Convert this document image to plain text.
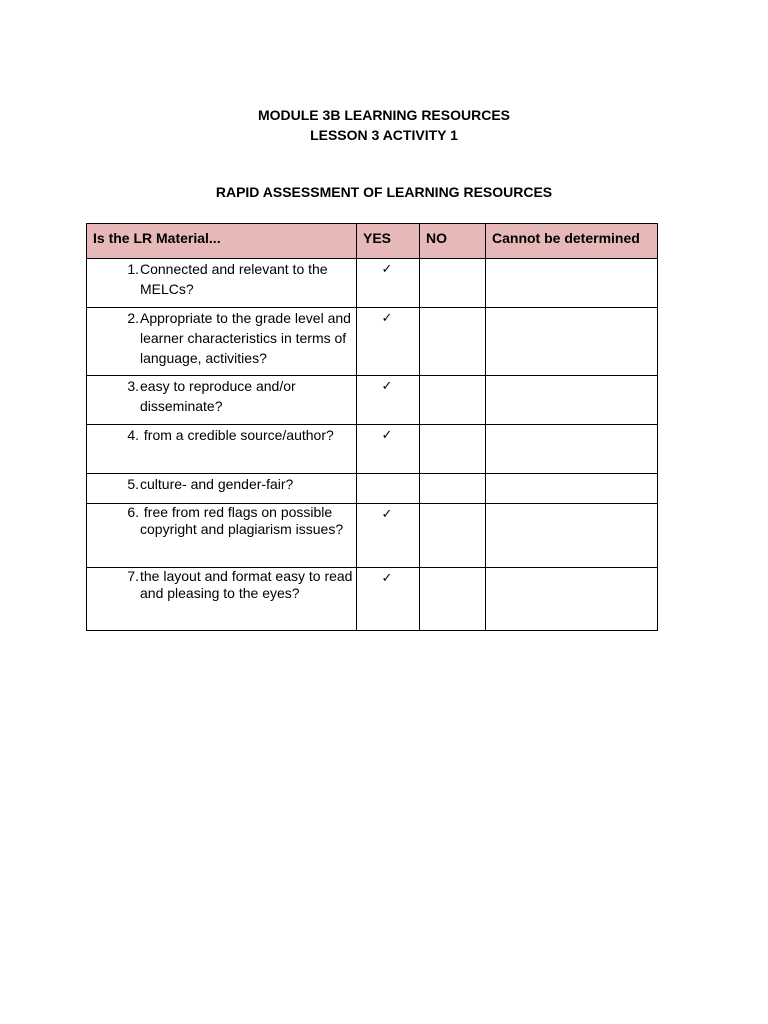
MODULE 3B LEARNING RESOURCES
LESSON 3 ACTIVITY 1
RAPID ASSESSMENT OF LEARNING RESOURCES
Is the LR Material...	YES	NO	Cannot be determined

1. Connected and relevant to the MELCs?	✓		

2. Appropriate to the grade level and learner characteristics in terms of language, activities?	✓		

3. easy to reproduce and/or disseminate?	✓		

4. from a credible source/author?	✓		

5. culture- and gender-fair?			

6. free from red flags on possible copyright and plagiarism issues?	✓		

7. the layout and format easy to read and pleasing to the eyes?	✓		
